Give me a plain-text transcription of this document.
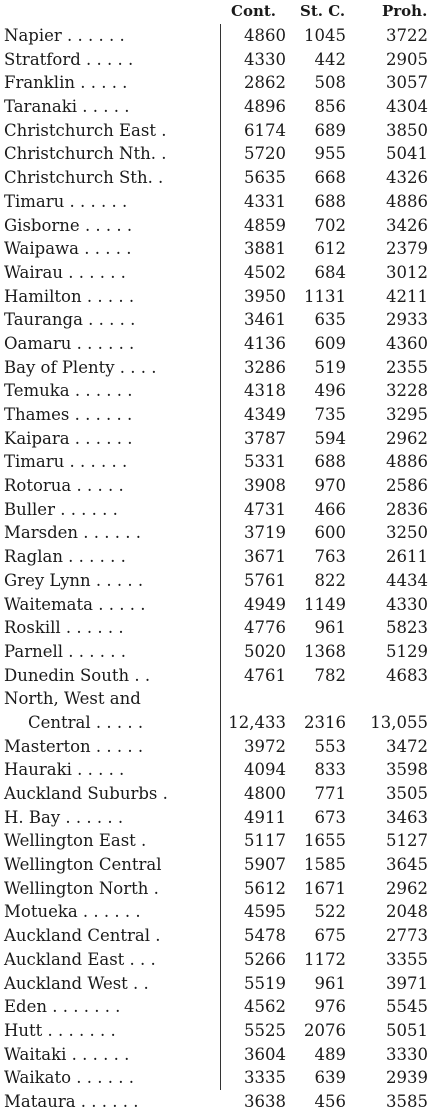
Cont. St. C. Proh.
Napier . . . . . .	4860 1045 3722
Stratford . . . . .	4330 442 2905
Franklin . . . . .	2862 508 3057
Taranaki . . . . .	4896 856 4304
Christchurch East .	6174 689 3850
Christchurch Nth. .	5720 955 5041
Christchurch Sth. .	5635 668 4326
Timaru . . . . . .	4331 688 4886
Gisborne . . . . .	4859 702 3426
Waipawa . . . . .	3881 612 2379
Wairau . . . . . .	4502 684 3012
Hamilton . . . . .	3950 1131 4211
Tauranga . . . . .	3461 635 2933
Oamaru . . . . . .	4136 609 4360
Bay of Plenty . . . .	3286 519 2355
Temuka . . . . . .	4318 496 3228
Thames . . . . . .	4349 735 3295
Kaipara . . . . . .	3787 594 2962
Timaru . . . . . .	5331 688 4886
Rotorua . . . . .	3908 970 2586
Buller . . . . . .	4731 466 2836
Marsden . . . . . .	3719 600 3250
Raglan . . . . . .	3671 763 2611
Grey Lynn . . . . .	5761 822 4434
Waitemata . . . . .	4949 1149 4330
Roskill . . . . . .	4776 961 5823
Parnell . . . . . .	5020 1368 5129
Dunedin South . .	4761 782 4683
North, West and
Central . . . . .	12,433 2316 13,055
Masterton . . . . .	3972 553 3472
Hauraki . . . . .	4094 833 3598
Auckland Suburbs .	4800 771 3505
H. Bay . . . . . .	4911 673 3463
Wellington East .	5117 1655 5127
Wellington Central	5907 1585 3645
Wellington North .	5612 1671 2962
Motueka . . . . . .	4595 522 2048
Auckland Central .	5478 675 2773
Auckland East . . .	5266 1172 3355
Auckland West . .	5519 961 3971
Eden . . . . . . .	4562 976 5545
Hutt . . . . . . .	5525 2076 5051
Waitaki . . . . . .	3604 489 3330
Waikato . . . . . .	3335 639 2939
Mataura . . . . . .	3638 456 3585
